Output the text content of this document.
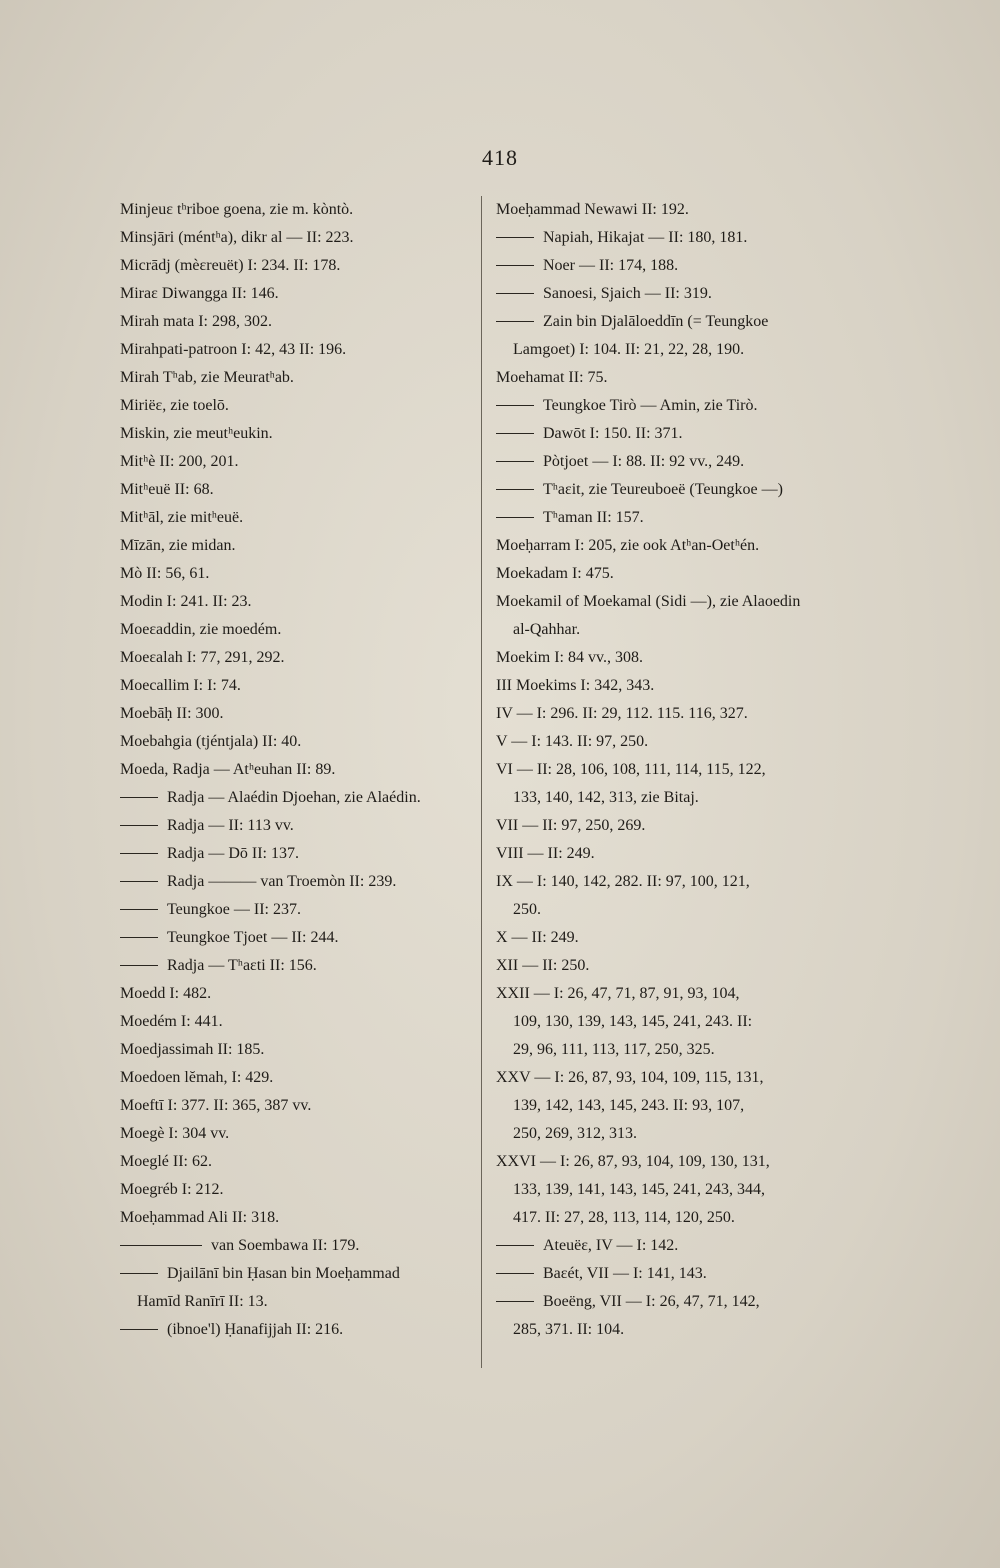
418
Minjeuɛ tʰriboe goena, zie m. kòntò.
Minsjāri (méntʰa), dikr al — II: 223.
Micrādj (mèɛreuët) I: 234. II: 178.
Miraɛ Diwangga II: 146.
Mirah mata I: 298, 302.
Mirahpati-patroon I: 42, 43 II: 196.
Mirah Tʰab, zie Meuratʰab.
Miriëɛ, zie toelō.
Miskin, zie meutʰeukin.
Mitʰè II: 200, 201.
Mitʰeuë II: 68.
Mitʰāl, zie mitʰeuë.
Mīzān, zie midan.
Mò II: 56, 61.
Modin I: 241. II: 23.
Moeɛaddin, zie moedém.
Moeɛalah I: 77, 291, 292.
Moecallim I: I: 74.
Moebāḥ II: 300.
Moebahgia (tjéntjala) II: 40.
Moeda, Radja — Atʰeuhan II: 89.
Radja — Alaédin Djoehan, zie Alaédin.
Radja — II: 113 vv.
Radja — Dō II: 137.
Radja ——— van Troemòn II: 239.
Teungkoe — II: 237.
Teungkoe Tjoet — II: 244.
Radja — Tʰaɛti II: 156.
Moedd I: 482.
Moedém I: 441.
Moedjassimah II: 185.
Moedoen lĕmah, I: 429.
Moeftī I: 377. II: 365, 387 vv.
Moegè I: 304 vv.
Moeglé II: 62.
Moegréb I: 212.
Moeḥammad Ali II: 318.
van Soembawa II: 179.
Djailānī bin Ḥasan bin Moeḥammad
Hamīd Ranīrī II: 13.
(ibnoe'l) Ḥanafijjah II: 216.
Moeḥammad Newawi II: 192.
Napiah, Hikajat — II: 180, 181.
Noer — II: 174, 188.
Sanoesi, Sjaich — II: 319.
Zain bin Djalāloeddīn (= Teungkoe
Lamgoet) I: 104. II: 21, 22, 28, 190.
Moehamat II: 75.
Teungkoe Tirò — Amin, zie Tirò.
Dawōt I: 150. II: 371.
Pòtjoet — I: 88. II: 92 vv., 249.
Tʰaɛit, zie Teureuboeë (Teungkoe —)
Tʰaman II: 157.
Moeḥarram I: 205, zie ook Atʰan-Oetʰén.
Moekadam I: 475.
Moekamil of Moekamal (Sidi —), zie Alaoedin
al-Qahhar.
Moekim I: 84 vv., 308.
III Moekims I: 342, 343.
IV — I: 296. II: 29, 112. 115. 116, 327.
V — I: 143. II: 97, 250.
VI — II: 28, 106, 108, 111, 114, 115, 122,
133, 140, 142, 313, zie Bitaj.
VII — II: 97, 250, 269.
VIII — II: 249.
IX — I: 140, 142, 282. II: 97, 100, 121,
250.
X — II: 249.
XII — II: 250.
XXII — I: 26, 47, 71, 87, 91, 93, 104,
109, 130, 139, 143, 145, 241, 243. II:
29, 96, 111, 113, 117, 250, 325.
XXV — I: 26, 87, 93, 104, 109, 115, 131,
139, 142, 143, 145, 243. II: 93, 107,
250, 269, 312, 313.
XXVI — I: 26, 87, 93, 104, 109, 130, 131,
133, 139, 141, 143, 145, 241, 243, 344,
417. II: 27, 28, 113, 114, 120, 250.
Ateuëɛ, IV — I: 142.
Baɛét, VII — I: 141, 143.
Boeëng, VII — I: 26, 47, 71, 142,
285, 371. II: 104.
